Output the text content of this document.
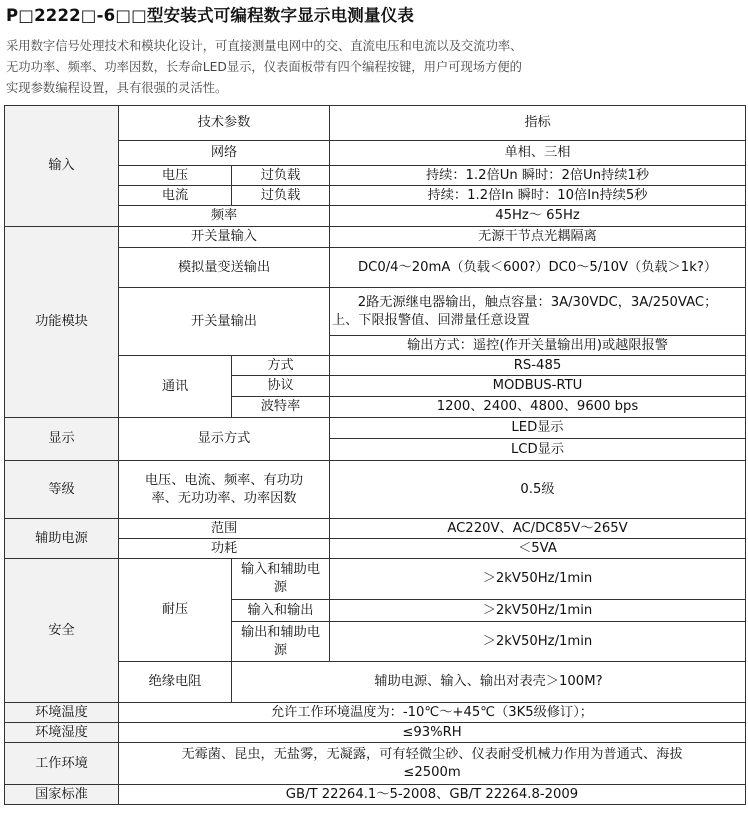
P□2222□-6□□型安装式可编程数字显示电测量仪表
采用数字信号处理技术和模块化设计，可直接测量电网中的交、直流电压和电流以及交流功率、
无功功率、频率、功率因数，长寿命LED显示，仪表面板带有四个编程按键，用户可现场方便的
实现参数编程设置，具有很强的灵活性。
输入	技术参数		指标
	网络		单相、三相
	电压	过负载	持续：1.2倍Un 瞬时：2倍Un持续1秒
	电流	过负载	持续：1.2倍In 瞬时：10倍In持续5秒
	频率		45Hz～ 65Hz
功能模块	开关量输入		无源干节点光耦隔离
	模拟量变送输出		DC0/4～20mA（负载＜600?）DC0～5/10V（负载＞1k?）
	开关量输出		2路无源继电器输出，触点容量：3A/30VDC，3A/250VAC；
上、下限报警值、回滞量任意设置

			输出方式：遥控(作开关量输出用)或越限报警
	通讯	方式	RS-485
		协议	MODBUS-RTU
		波特率	1200、2400、4800、9600 bps
显示	显示方式		LED显示
			LCD显示
等级	电压、电流、频率、有功功
率、无功功率、功率因数		0.5级
辅助电源	范围		AC220V、AC/DC85V～265V
	功耗		＜5VA
安全	耐压	输入和辅助电
源	＞2kV50Hz/1min
		输入和输出	＞2kV50Hz/1min

		输出和辅助电
源	＞2kV50Hz/1min
	绝缘电阻	辅助电源、输入、输出对表壳＞100M?	
环境温度	允许工作环境温度为：-10℃～+45℃（3K5级修订）；		
环境湿度	≤93%RH		
工作环境	无霉菌、昆虫，无盐雾，无凝露，可有轻微尘砂、仪表耐受机械力作用为普通式、海拔
≤2500m		

国家标准	GB/T 22264.1～5-2008、GB/T 22264.8-2009		
